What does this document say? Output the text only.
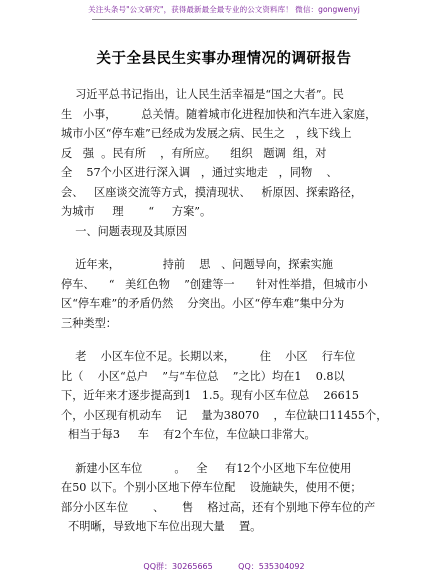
关注头条号"公文研究"，获得最新最全最专业的公文资料库！ 微信：gongwenyj
关于全县民生实事办理情况的调研报告
习近平总书记指出，让人民生活幸福是“国之大者”。民
生   小事，       总关情。随着城市化进程加快和汽车进入家庭，
城市小区“停车难”已经成为发展之病、民生之   ，线下线上
反   强  。民有所    ，有所应。    组织   题调  组，对
全    57个小区进行深入调   ，通过实地走   ，同物    、
会、   区座谈交流等方式，摸清现状、   析原因、探索路径，
为城市     理       “     方案”。
一、问题表现及其原因
近年来，            持前    思   、问题导向，探索实施
停车、    “   美红色物    ”创建等一      针对性举措，但城市小
区“停车难”的矛盾仍然    分突出。小区“停车难”集中分为
三种类型：
老    小区车位不足。长期以来，       住    小区    行车位
比（    小区“总户    ”与“车位总    ”之比）均在1    0.8以
下，近年来才逐步提高到1   1.5。现有小区车位总    26615
个，小区现有机动车    记    量为38070    ，车位缺口11455个，
相当于每3     车    有2个车位，车位缺口非常大。
新建小区车位         。   全     有12个小区地下车位使用
在50 以下。个别小区地下停车位配    设施缺失，使用不便；
部分小区车位       、     售    格过高，还有个别地下停车位的产
不明晰，导致地下车位出现大量    置。
QQ群：30265665          QQ：535304092
